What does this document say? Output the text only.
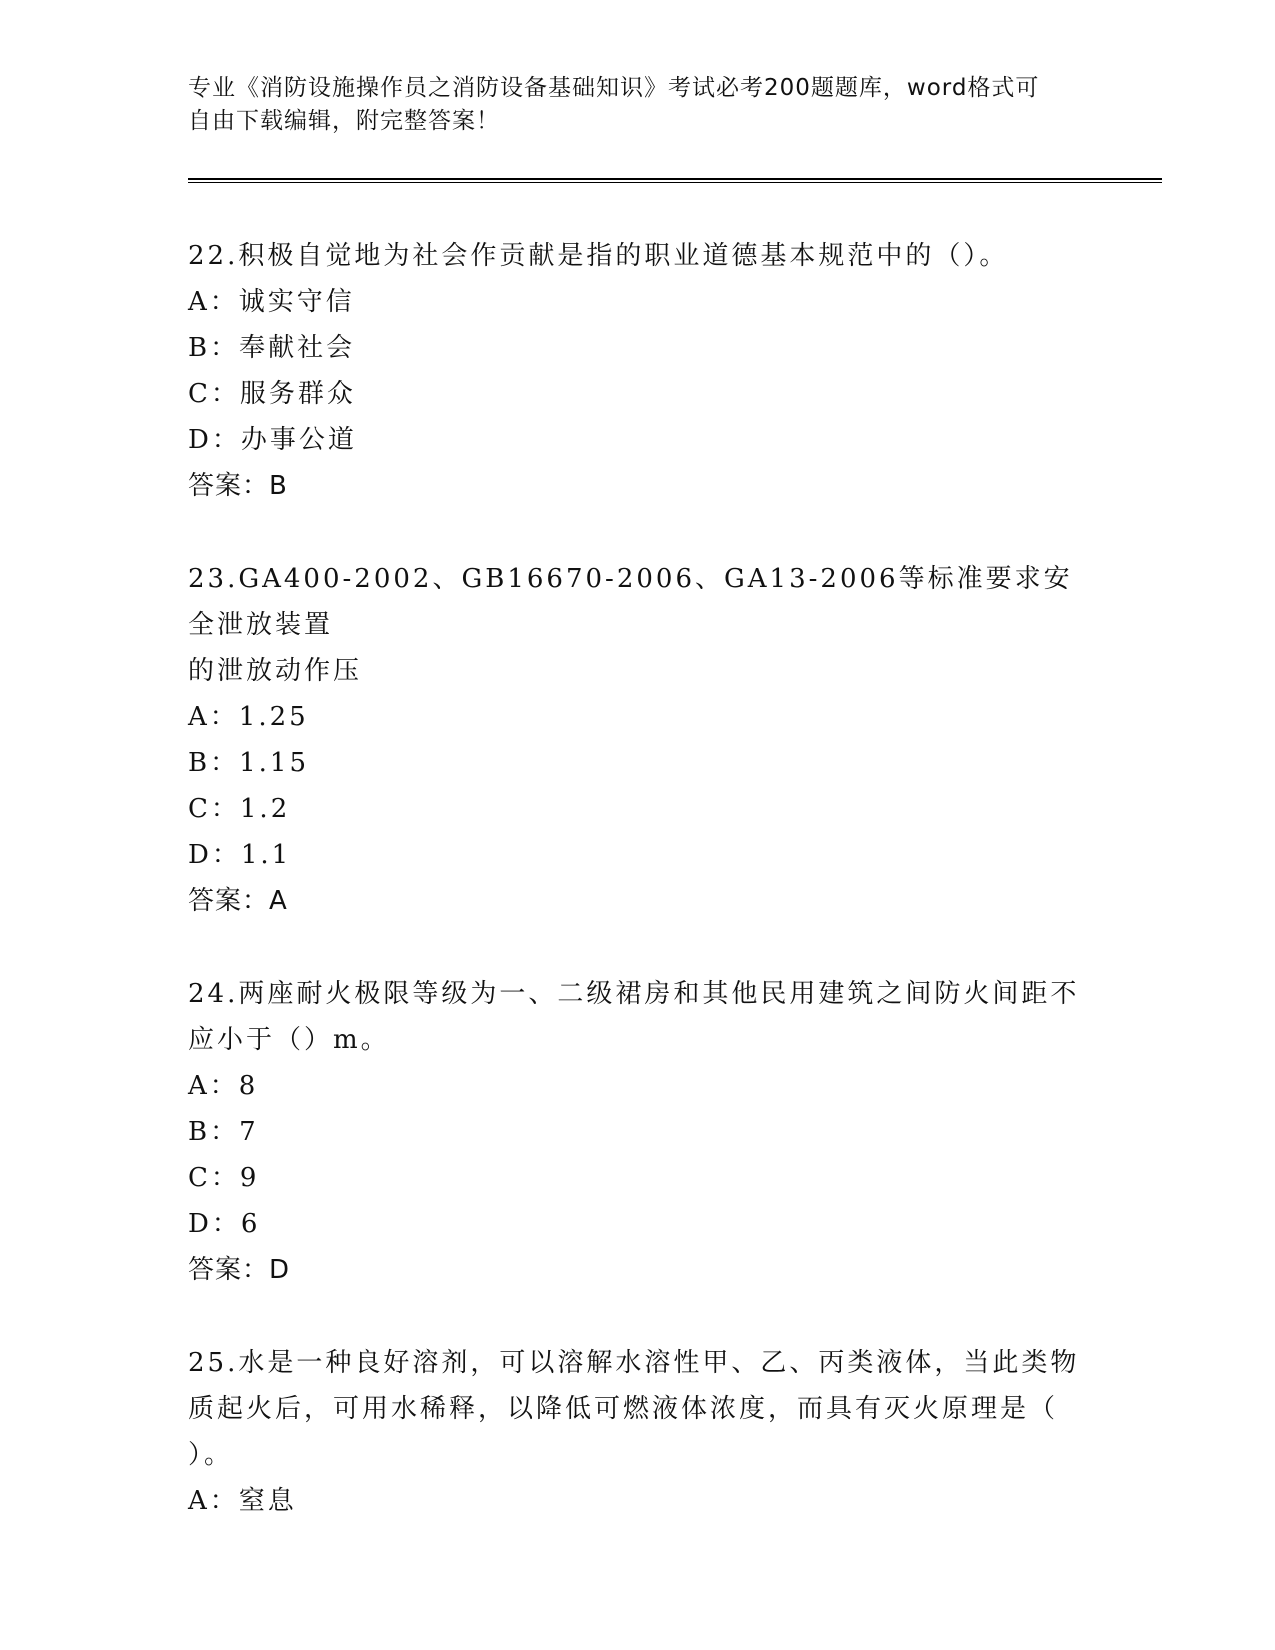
专业《消防设施操作员之消防设备基础知识》考试必考200题题库，word格式可
自由下载编辑，附完整答案！

22.积极自觉地为社会作贡献是指的职业道德基本规范中的（）。

A：诚实守信

B：奉献社会

C：服务群众

D：办事公道

答案：B

23.GA400-2002、GB16670-2006、GA13-2006等标准要求安全泄放装置
的泄放动作压

A：1.25

B：1.15

C：1.2

D：1.1

答案：A

24.两座耐火极限等级为一、二级裙房和其他民用建筑之间防火间距不
应小于（）m。

A：8

B：7

C：9

D：6

答案：D

25.水是一种良好溶剂，可以溶解水溶性甲、乙、丙类液体，当此类物
质起火后，可用水稀释，以降低可燃液体浓度，而具有灭火原理是（
）。

A：窒息
